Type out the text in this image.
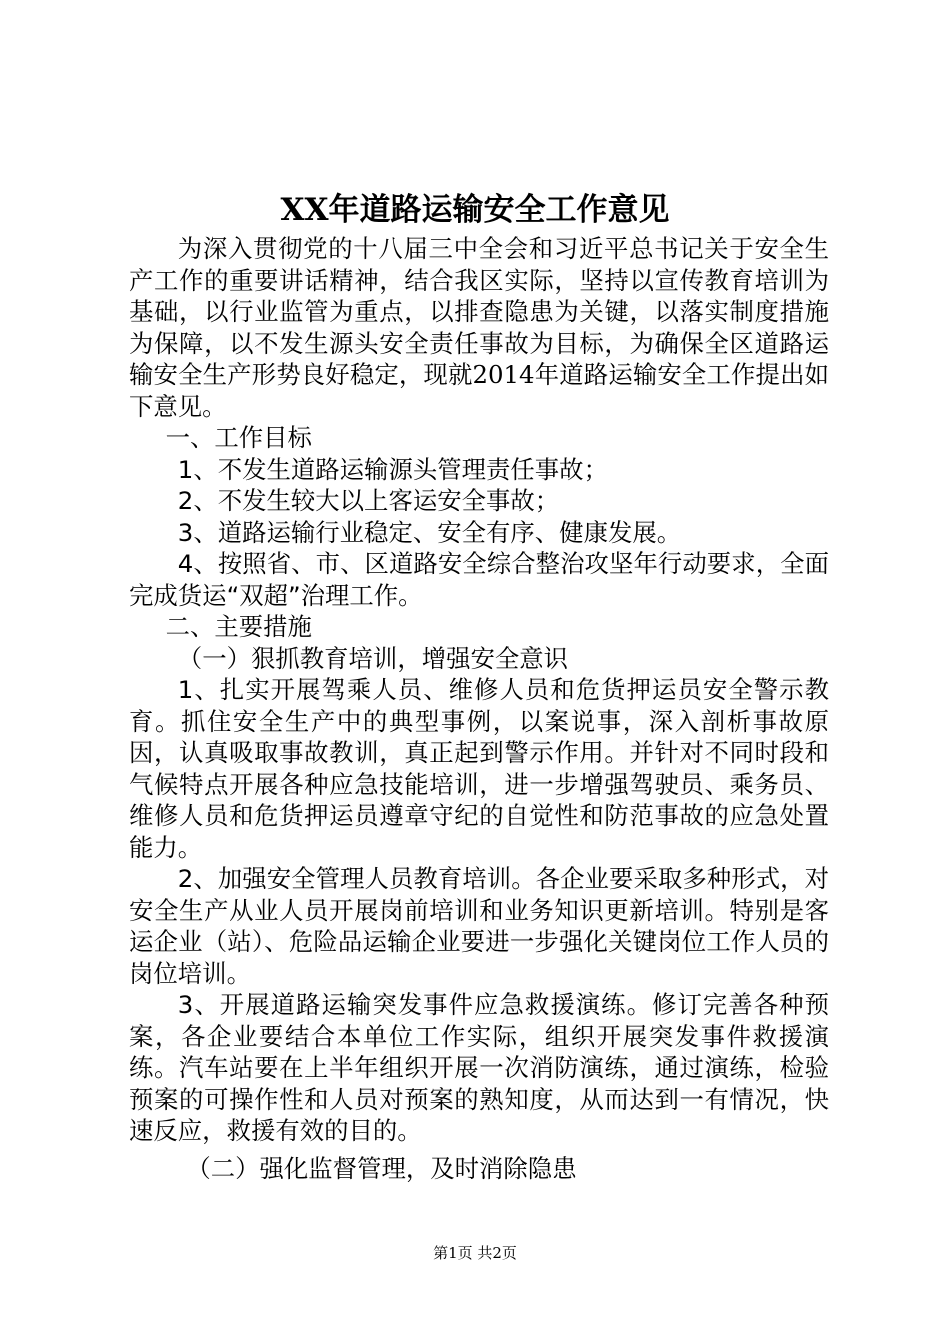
XX年道路运输安全工作意见

为深入贯彻党的十八届三中全会和习近平总书记关于安全生产工作的重要讲话精神，结合我区实际，坚持以宣传教育培训为基础，以行业监管为重点，以排查隐患为关键，以落实制度措施为保障，以不发生源头安全责任事故为目标，为确保全区道路运输安全生产形势良好稳定，现就2014年道路运输安全工作提出如下意见。

一、工作目标

1、不发生道路运输源头管理责任事故；

2、不发生较大以上客运安全事故；

3、道路运输行业稳定、安全有序、健康发展。

4、按照省、市、区道路安全综合整治攻坚年行动要求，全面完成货运“双超”治理工作。

二、主要措施

（一）狠抓教育培训，增强安全意识

1、扎实开展驾乘人员、维修人员和危货押运员安全警示教育。抓住安全生产中的典型事例，以案说事，深入剖析事故原因，认真吸取事故教训，真正起到警示作用。并针对不同时段和气候特点开展各种应急技能培训，进一步增强驾驶员、乘务员、维修人员和危货押运员遵章守纪的自觉性和防范事故的应急处置能力。

2、加强安全管理人员教育培训。各企业要采取多种形式，对安全生产从业人员开展岗前培训和业务知识更新培训。特别是客运企业（站）、危险品运输企业要进一步强化关键岗位工作人员的岗位培训。

3、开展道路运输突发事件应急救援演练。修订完善各种预案，各企业要结合本单位工作实际，组织开展突发事件救援演练。汽车站要在上半年组织开展一次消防演练，通过演练，检验预案的可操作性和人员对预案的熟知度，从而达到一有情况，快速反应，救援有效的目的。

（二）强化监督管理，及时消除隐患

第1页 共2页
